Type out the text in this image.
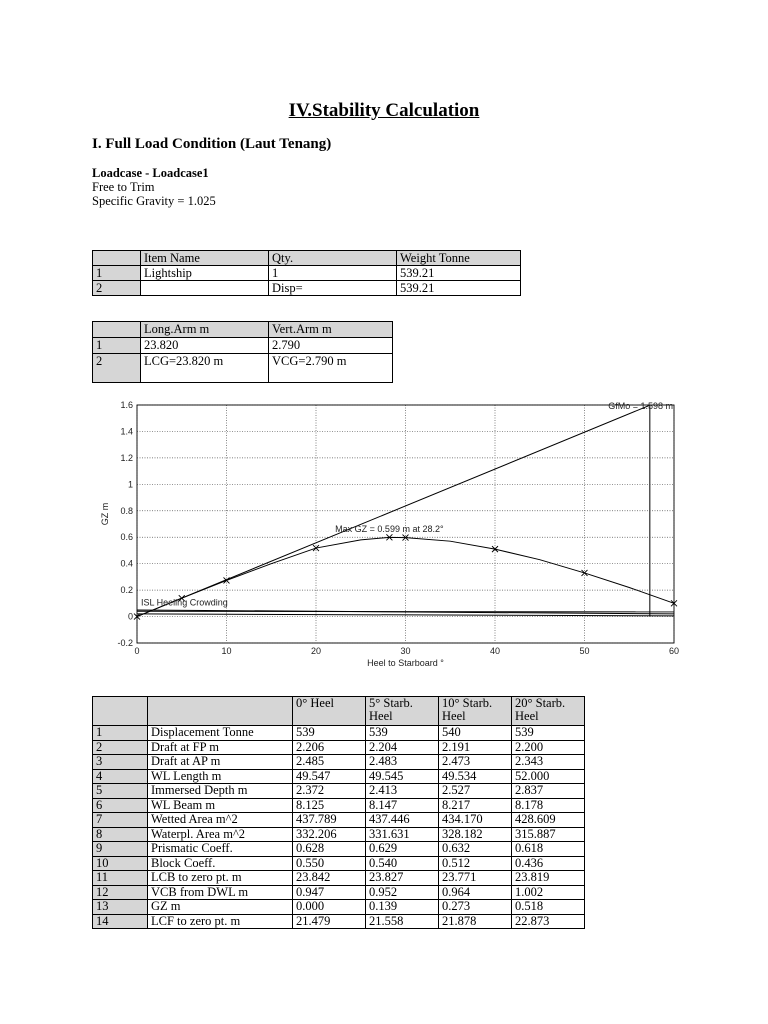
IV.Stability Calculation
I. Full Load Condition (Laut Tenang)
Loadcase - Loadcase1
Free to Trim
Specific Gravity = 1.025
	Item Name	Qty.	Weight Tonne
1	Lightship	1	539.21
2		Disp=	539.21
	Long.Arm m	Vert.Arm m
1	23.820	2.790
2	LCG=23.820 m	VCG=2.790 m
0	10	20	30	40	50	60
-0.2
0
0.2
0.4
0.6
0.8
1
1.2
1.4
1.6
Heel to Starboard °
GZ m
GfMo = 1.598 m
Max GZ = 0.599 m at 28.2°
ISL Heeling Crowding
		0° Heel	5° Starb. Heel	10° Starb. Heel	20° Starb. Heel
1	Displacement Tonne	539	539	540	539
2	Draft at FP m	2.206	2.204	2.191	2.200
3	Draft at AP m	2.485	2.483	2.473	2.343
4	WL Length m	49.547	49.545	49.534	52.000
5	Immersed Depth m	2.372	2.413	2.527	2.837
6	WL Beam m	8.125	8.147	8.217	8.178
7	Wetted Area m^2	437.789	437.446	434.170	428.609
8	Waterpl. Area m^2	332.206	331.631	328.182	315.887
9	Prismatic Coeff.	0.628	0.629	0.632	0.618
10	Block Coeff.	0.550	0.540	0.512	0.436
11	LCB to zero pt. m	23.842	23.827	23.771	23.819
12	VCB from DWL m	0.947	0.952	0.964	1.002
13	GZ m	0.000	0.139	0.273	0.518
14	LCF to zero pt. m	21.479	21.558	21.878	22.873
